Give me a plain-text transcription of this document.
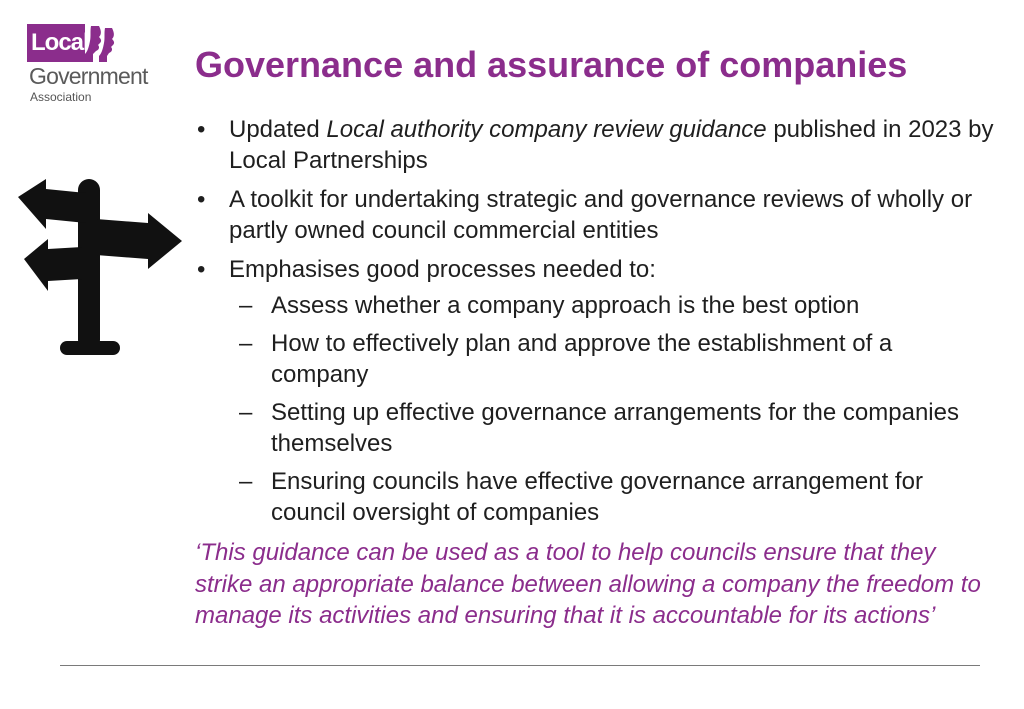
Local
Government
Association
Governance and assurance of companies
• Updated Local authority company review guidance published in 2023 by Local Partnerships
• A toolkit for undertaking strategic and governance reviews of wholly or partly owned council commercial entities
• Emphasises good processes needed to:
– Assess whether a company approach is the best option
– How to effectively plan and approve the establishment of a company
– Setting up effective governance arrangements for the companies themselves
– Ensuring councils have effective governance arrangement for council oversight of companies

‘This guidance can be used as a tool to help councils ensure that they strike an appropriate balance between allowing a company the freedom to manage its activities and ensuring that it is accountable for its actions’
